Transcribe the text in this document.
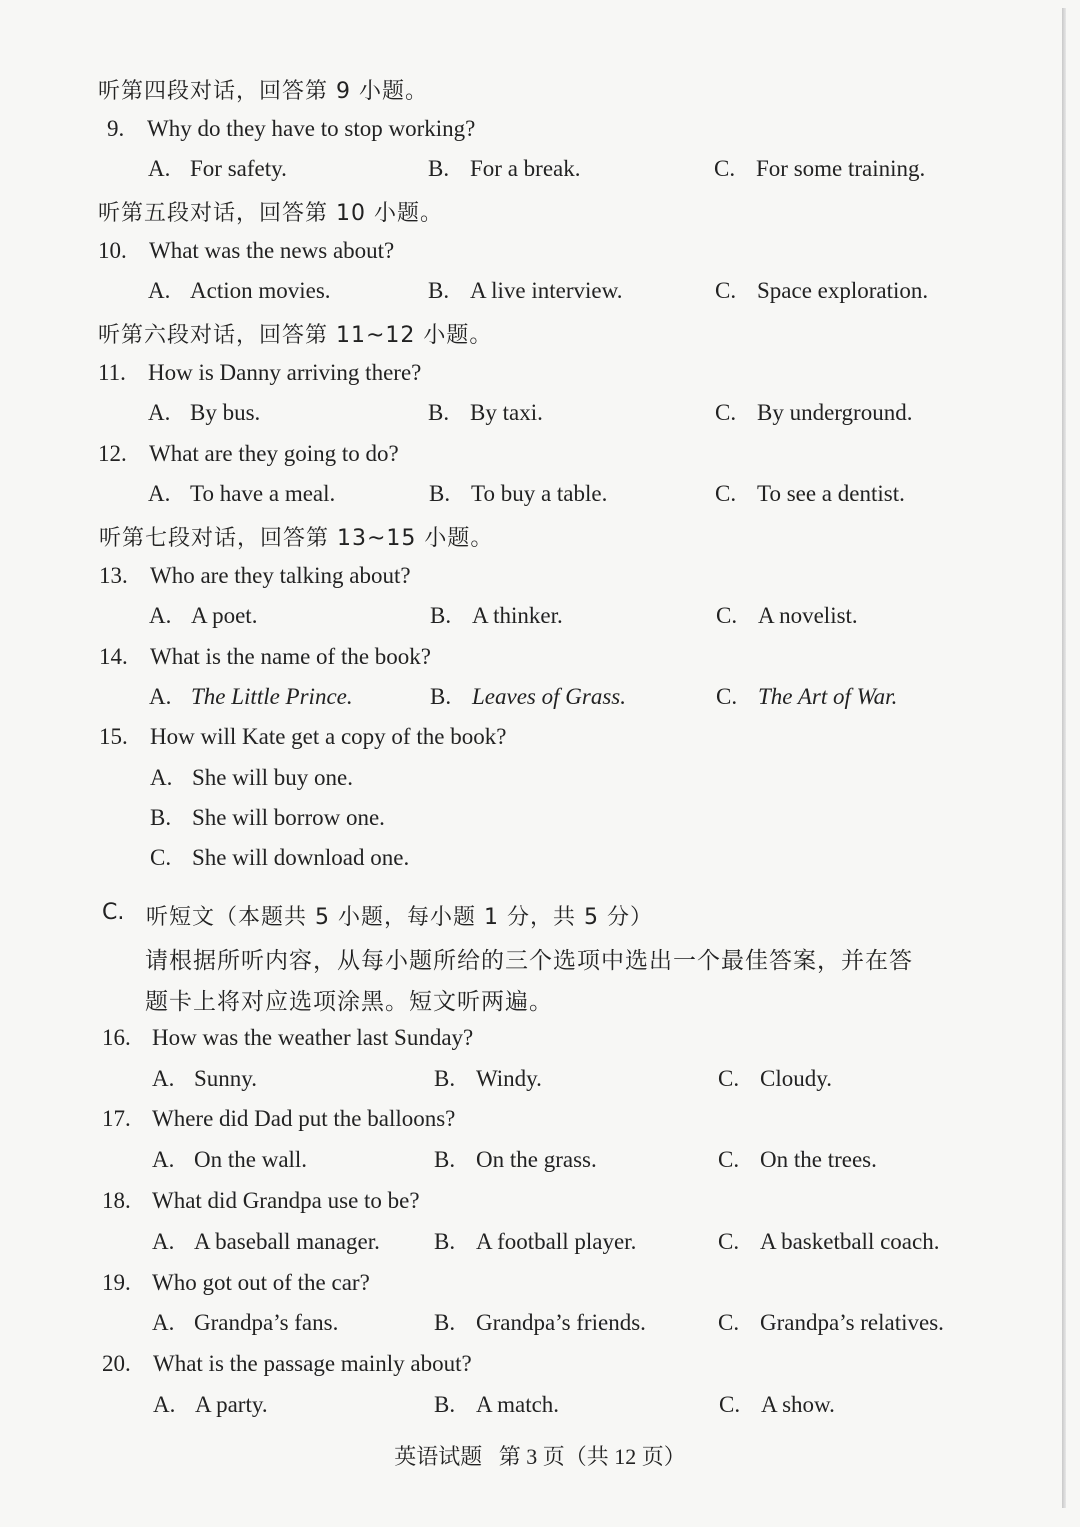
听第四段对话，回答第 9 小题。
9. Why do they have to stop working?
A. For safety.	B. For a break.	C. For some training.
听第五段对话，回答第 10 小题。
10. What was the news about?
A. Action movies.	B. A live interview.	C. Space exploration.
听第六段对话，回答第 11~12 小题。
11. How is Danny arriving there?
A. By bus.	B. By taxi.	C. By underground.
12. What are they going to do?
A. To have a meal.	B. To buy a table.	C. To see a dentist.
听第七段对话，回答第 13~15 小题。
13. Who are they talking about?
A. A poet.	B. A thinker.	C. A novelist.
14. What is the name of the book?
A. The Little Prince.	B. Leaves of Grass.	C. The Art of War.
15. How will Kate get a copy of the book?
A. She will buy one.
B. She will borrow one.
C. She will download one.
C. 听短文（本题共 5 小题，每小题 1 分，共 5 分）
请根据所听内容，从每小题所给的三个选项中选出一个最佳答案，并在答
题卡上将对应选项涂黑。短文听两遍。
16. How was the weather last Sunday?
A. Sunny.	B. Windy.	C. Cloudy.
17. Where did Dad put the balloons?
A. On the wall.	B. On the grass.	C. On the trees.
18. What did Grandpa use to be?
A. A baseball manager. B. A football player.	C. A basketball coach.
19. Who got out of the car?
A. Grandpa’s fans.	B. Grandpa’s friends.	C. Grandpa’s relatives.
20. What is the passage mainly about?
A. A party.	B. A match.	C. A show.
英语试题 第 3 页（共 12 页）
